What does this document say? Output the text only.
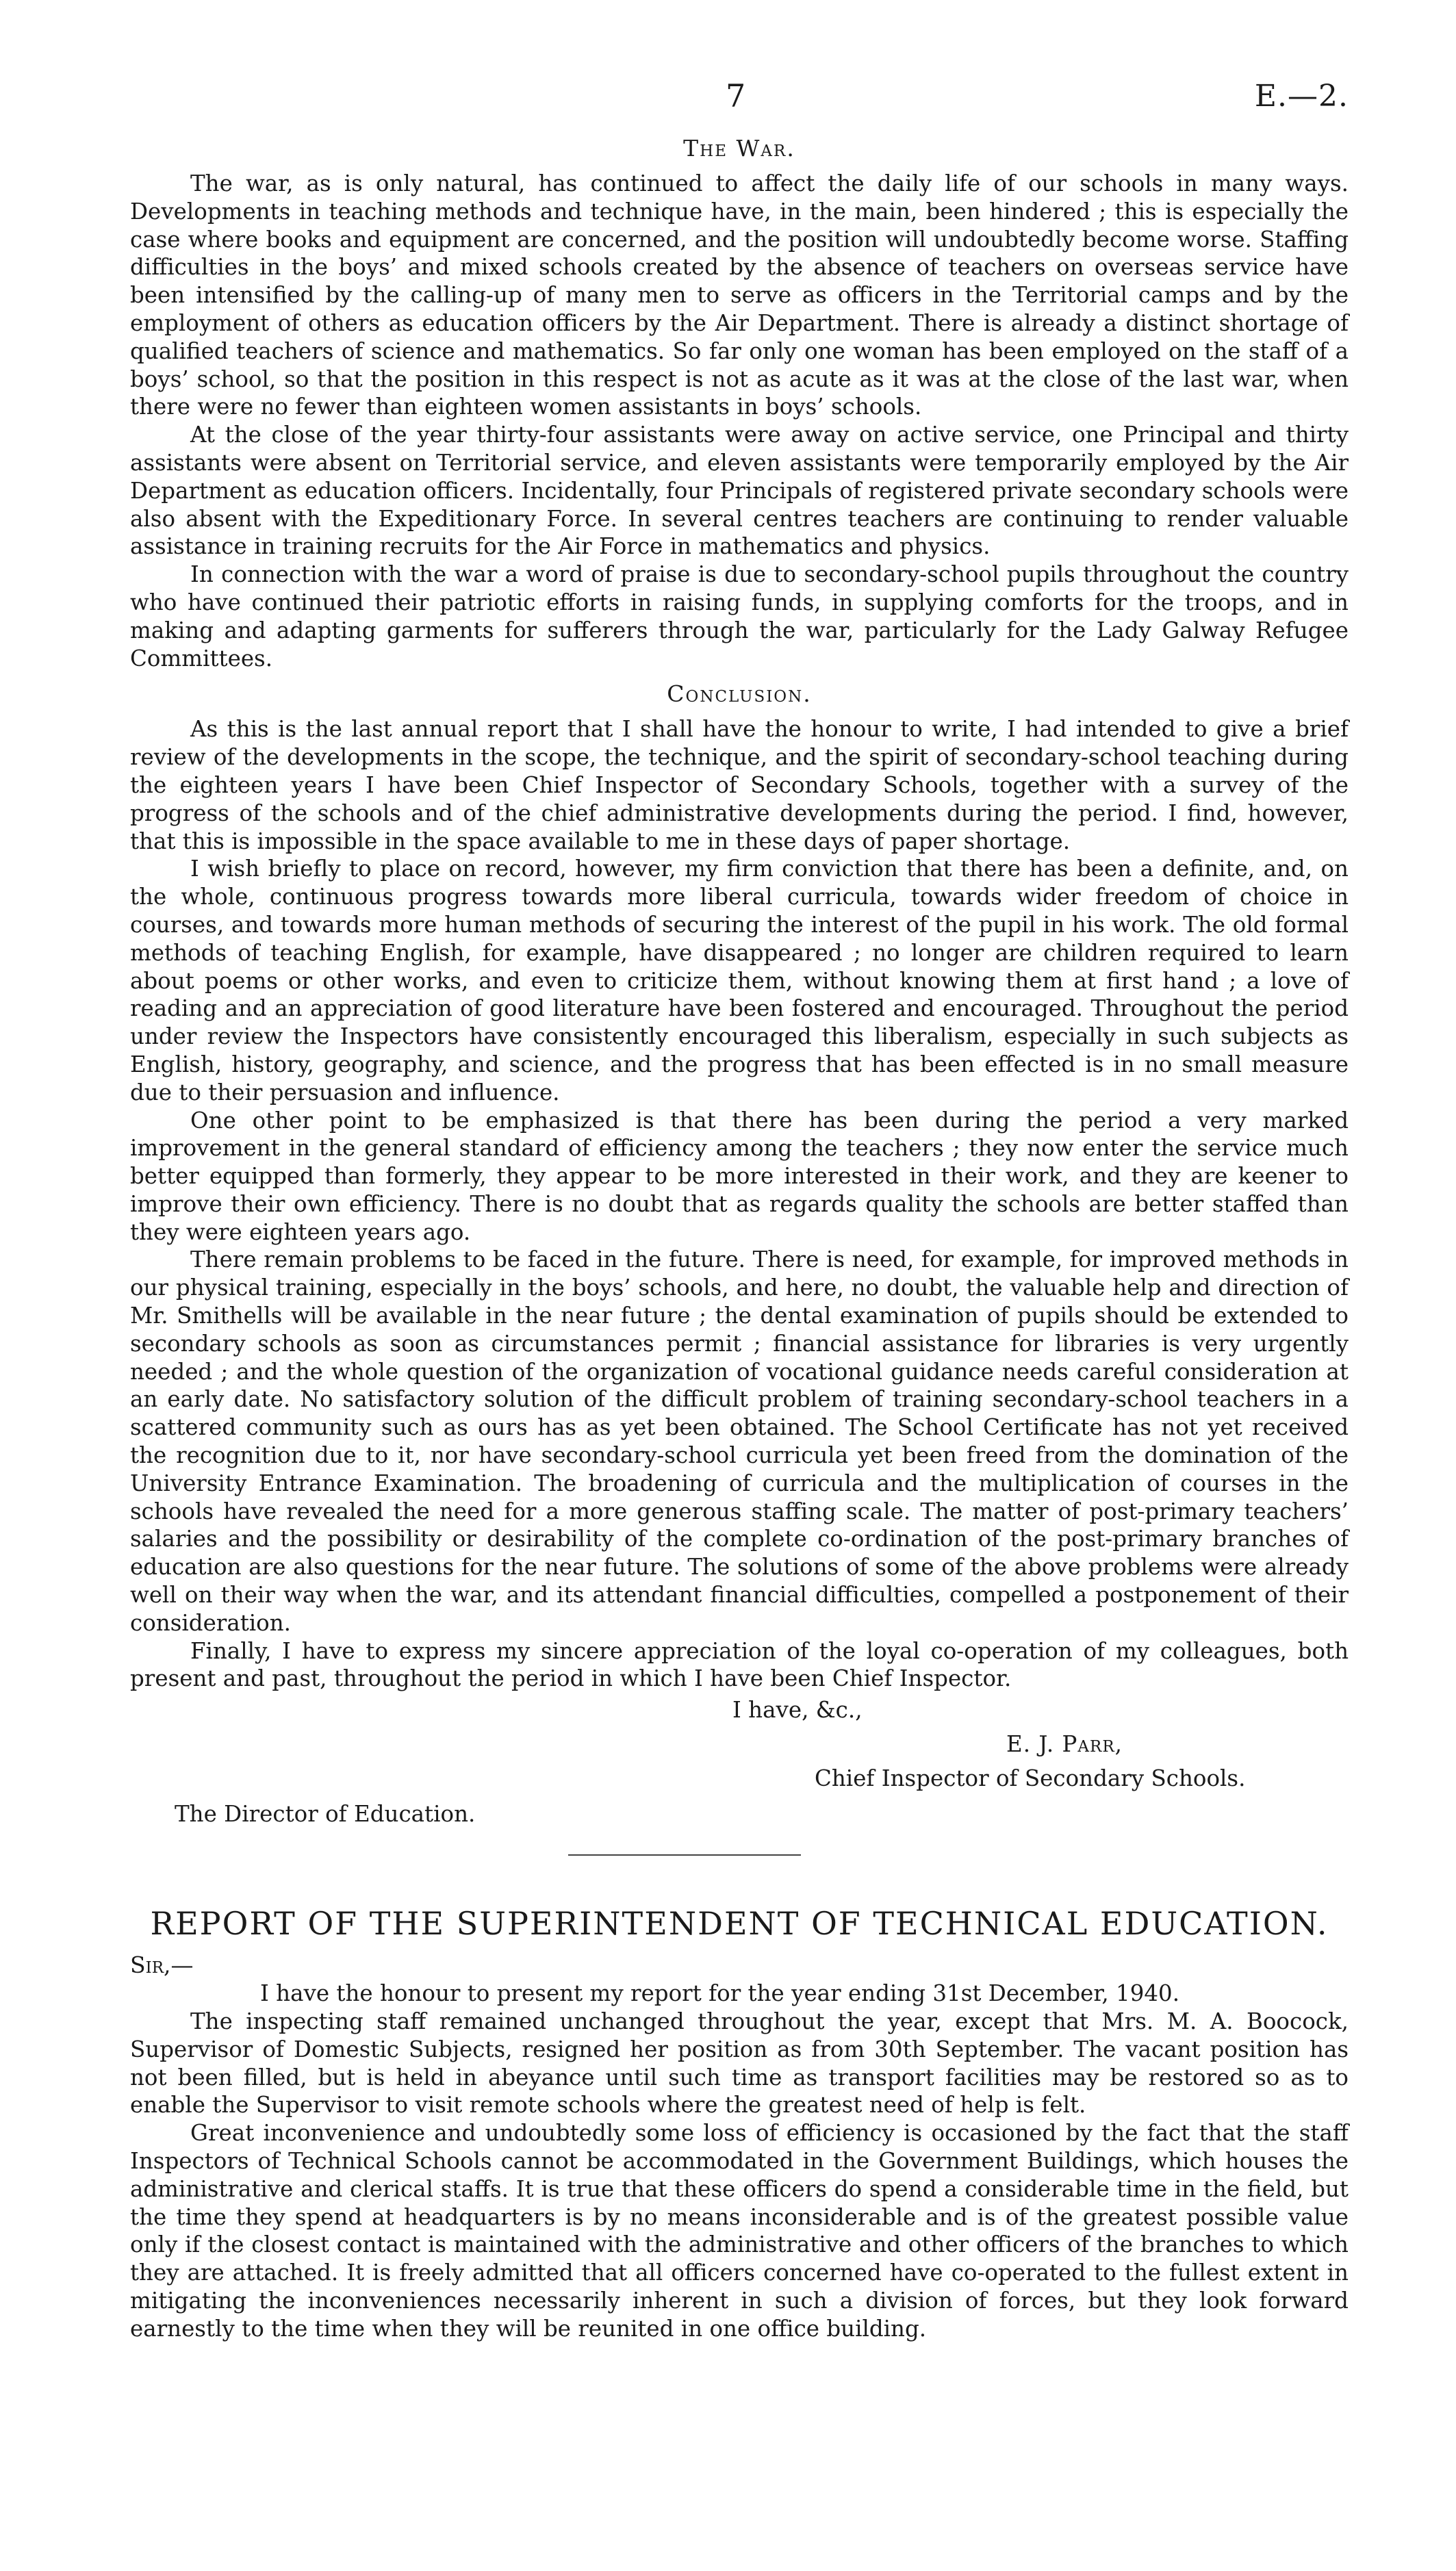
7	E.—2.
The War.

The war, as is only natural, has continued to affect the daily life of our schools in many ways. Developments in teaching methods and technique have, in the main, been hindered ; this is especially the case where books and equipment are concerned, and the position will undoubtedly become worse. Staffing difficulties in the boys’ and mixed schools created by the absence of teachers on overseas service have been intensified by the calling-up of many men to serve as officers in the Territorial camps and by the employment of others as education officers by the Air Department. There is already a distinct shortage of qualified teachers of science and mathematics. So far only one woman has been employed on the staff of a boys’ school, so that the position in this respect is not as acute as it was at the close of the last war, when there were no fewer than eighteen women assistants in boys’ schools.

At the close of the year thirty-four assistants were away on active service, one Principal and thirty assistants were absent on Territorial service, and eleven assistants were temporarily employed by the Air Department as education officers. Incidentally, four Principals of registered private secondary schools were also absent with the Expeditionary Force. In several centres teachers are continuing to render valuable assistance in training recruits for the Air Force in mathematics and physics.

In connection with the war a word of praise is due to secondary-school pupils throughout the country who have continued their patriotic efforts in raising funds, in supplying comforts for the troops, and in making and adapting garments for sufferers through the war, particularly for the Lady Galway Refugee Committees.

Conclusion.

As this is the last annual report that I shall have the honour to write, I had intended to give a brief review of the developments in the scope, the technique, and the spirit of secondary-school teaching during the eighteen years I have been Chief Inspector of Secondary Schools, together with a survey of the progress of the schools and of the chief administrative developments during the period. I find, however, that this is impossible in the space available to me in these days of paper shortage.

I wish briefly to place on record, however, my firm conviction that there has been a definite, and, on the whole, continuous progress towards more liberal curricula, towards wider freedom of choice in courses, and towards more human methods of securing the interest of the pupil in his work. The old formal methods of teaching English, for example, have disappeared ; no longer are children required to learn about poems or other works, and even to criticize them, without knowing them at first hand ; a love of reading and an appreciation of good literature have been fostered and encouraged. Throughout the period under review the Inspectors have consistently encouraged this liberalism, especially in such subjects as English, history, geography, and science, and the progress that has been effected is in no small measure due to their persuasion and influence.

One other point to be emphasized is that there has been during the period a very marked improvement in the general standard of efficiency among the teachers ; they now enter the service much better equipped than formerly, they appear to be more interested in their work, and they are keener to improve their own efficiency. There is no doubt that as regards quality the schools are better staffed than they were eighteen years ago.

There remain problems to be faced in the future. There is need, for example, for improved methods in our physical training, especially in the boys’ schools, and here, no doubt, the valuable help and direction of Mr. Smithells will be available in the near future ; the dental examination of pupils should be extended to secondary schools as soon as circumstances permit ; financial assistance for libraries is very urgently needed ; and the whole question of the organization of vocational guidance needs careful consideration at an early date. No satisfactory solution of the difficult problem of training secondary-school teachers in a scattered community such as ours has as yet been obtained. The School Certificate has not yet received the recognition due to it, nor have secondary-school curricula yet been freed from the domination of the University Entrance Examination. The broadening of curricula and the multiplication of courses in the schools have revealed the need for a more generous staffing scale. The matter of post-primary teachers’ salaries and the possibility or desirability of the complete co-ordination of the post-primary branches of education are also questions for the near future. The solutions of some of the above problems were already well on their way when the war, and its attendant financial difficulties, compelled a postponement of their consideration.

Finally, I have to express my sincere appreciation of the loyal co-operation of my colleagues, both present and past, throughout the period in which I have been Chief Inspector.

I have, &c.,
E. J. Parr,
Chief Inspector of Secondary Schools.
The Director of Education.
REPORT OF THE SUPERINTENDENT OF TECHNICAL EDUCATION.
Sir,—

I have the honour to present my report for the year ending 31st December, 1940.

The inspecting staff remained unchanged throughout the year, except that Mrs. M. A. Boocock, Supervisor of Domestic Subjects, resigned her position as from 30th September. The vacant position has not been filled, but is held in abeyance until such time as transport facilities may be restored so as to enable the Supervisor to visit remote schools where the greatest need of help is felt.

Great inconvenience and undoubtedly some loss of efficiency is occasioned by the fact that the staff Inspectors of Technical Schools cannot be accommodated in the Government Buildings, which houses the administrative and clerical staffs. It is true that these officers do spend a considerable time in the field, but the time they spend at headquarters is by no means inconsiderable and is of the greatest possible value only if the closest contact is maintained with the administrative and other officers of the branches to which they are attached. It is freely admitted that all officers concerned have co-operated to the fullest extent in mitigating the inconveniences necessarily inherent in such a division of forces, but they look forward earnestly to the time when they will be reunited in one office building.
